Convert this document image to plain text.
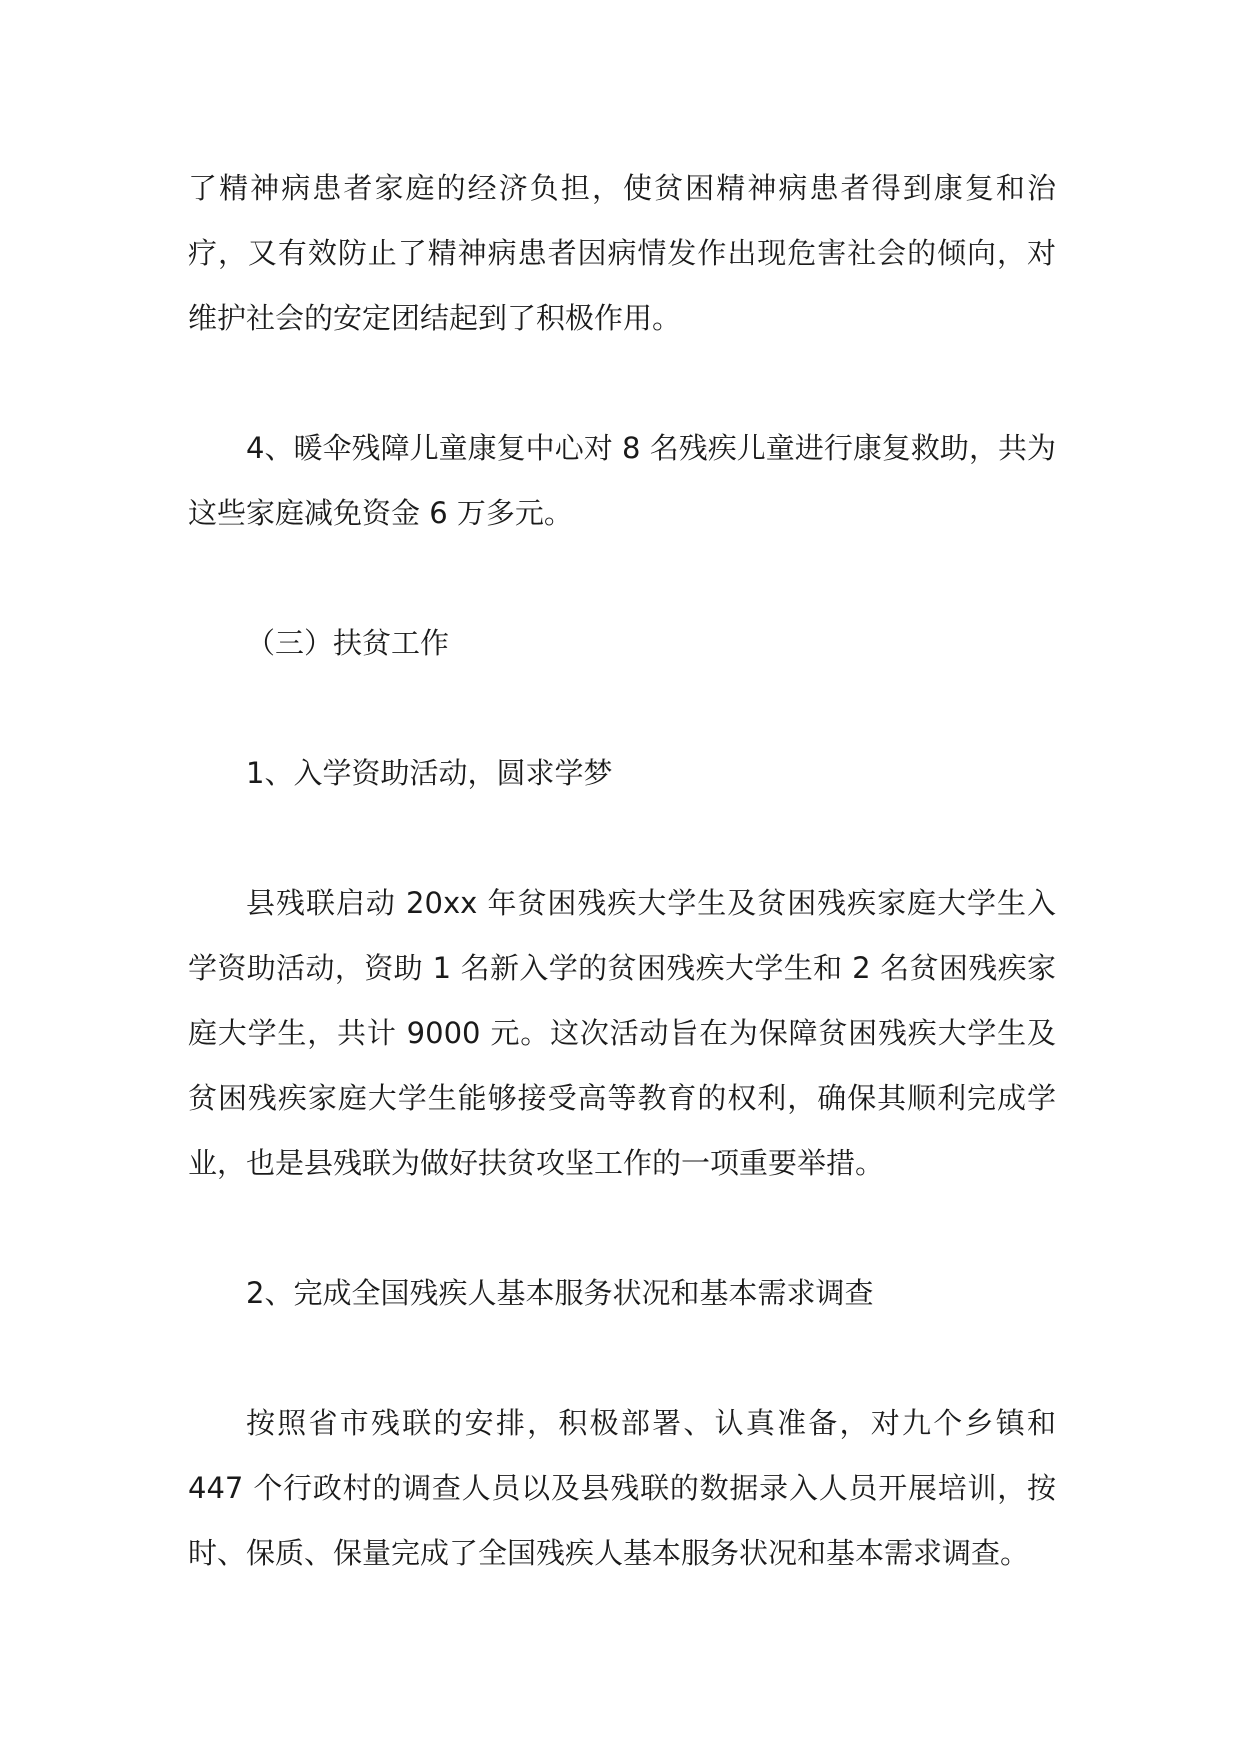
了精神病患者家庭的经济负担，使贫困精神病患者得到康复和治疗，又有效防止了精神病患者因病情发作出现危害社会的倾向，对维护社会的安定团结起到了积极作用。

4、暖伞残障儿童康复中心对 8 名残疾儿童进行康复救助，共为这些家庭减免资金 6 万多元。

（三）扶贫工作

1、入学资助活动，圆求学梦

县残联启动 20xx 年贫困残疾大学生及贫困残疾家庭大学生入学资助活动，资助 1 名新入学的贫困残疾大学生和 2 名贫困残疾家庭大学生，共计 9000 元。这次活动旨在为保障贫困残疾大学生及贫困残疾家庭大学生能够接受高等教育的权利，确保其顺利完成学业，也是县残联为做好扶贫攻坚工作的一项重要举措。

2、完成全国残疾人基本服务状况和基本需求调查

按照省市残联的安排，积极部署、认真准备，对九个乡镇和 447 个行政村的调查人员以及县残联的数据录入人员开展培训，按时、保质、保量完成了全国残疾人基本服务状况和基本需求调查。
